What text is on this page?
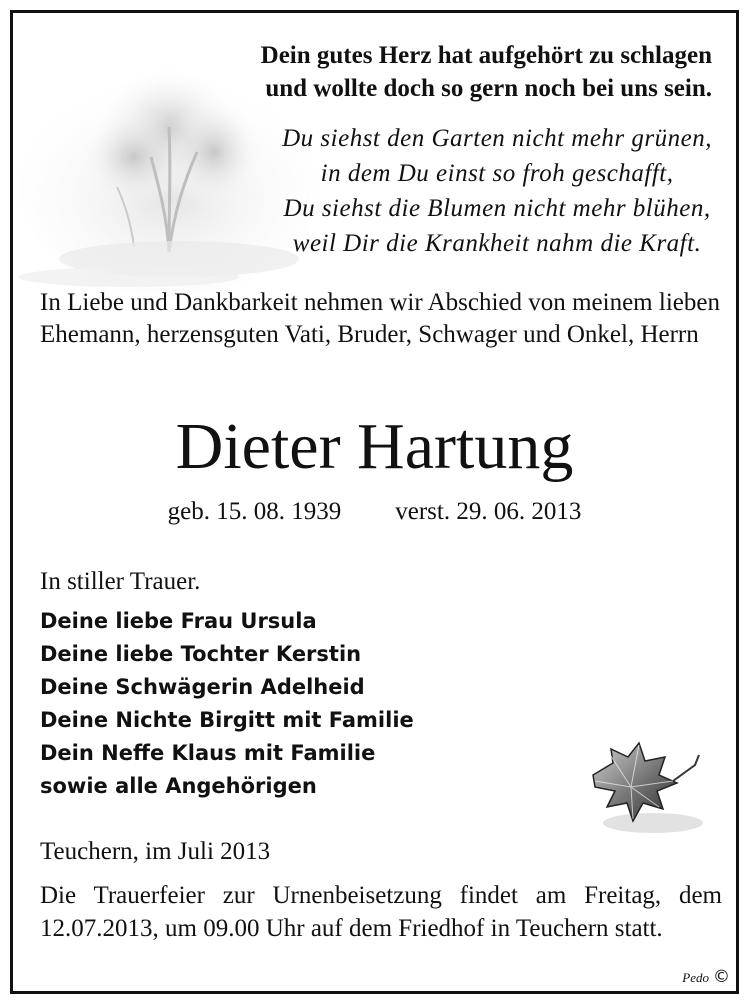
Dein gutes Herz hat aufgehört zu schlagen
und wollte doch so gern noch bei uns sein.
Du siehst den Garten nicht mehr grünen,
in dem Du einst so froh geschafft,
Du siehst die Blumen nicht mehr blühen,
weil Dir die Krankheit nahm die Kraft.
In Liebe und Dankbarkeit nehmen wir Abschied von meinem lieben Ehemann, herzensguten Vati, Bruder, Schwager und Onkel, Herrn
Dieter Hartung
geb. 15. 08. 1939 verst. 29. 06. 2013
In stiller Trauer.
Deine liebe Frau Ursula
Deine liebe Tochter Kerstin
Deine Schwägerin Adelheid
Deine Nichte Birgitt mit Familie
Dein Neffe Klaus mit Familie
sowie alle Angehörigen
Teuchern, im Juli 2013
Die Trauerfeier zur Urnenbeisetzung findet am Freitag, dem 12.07.2013, um 09.00 Uhr auf dem Friedhof in Teuchern statt.
Pedo ©
